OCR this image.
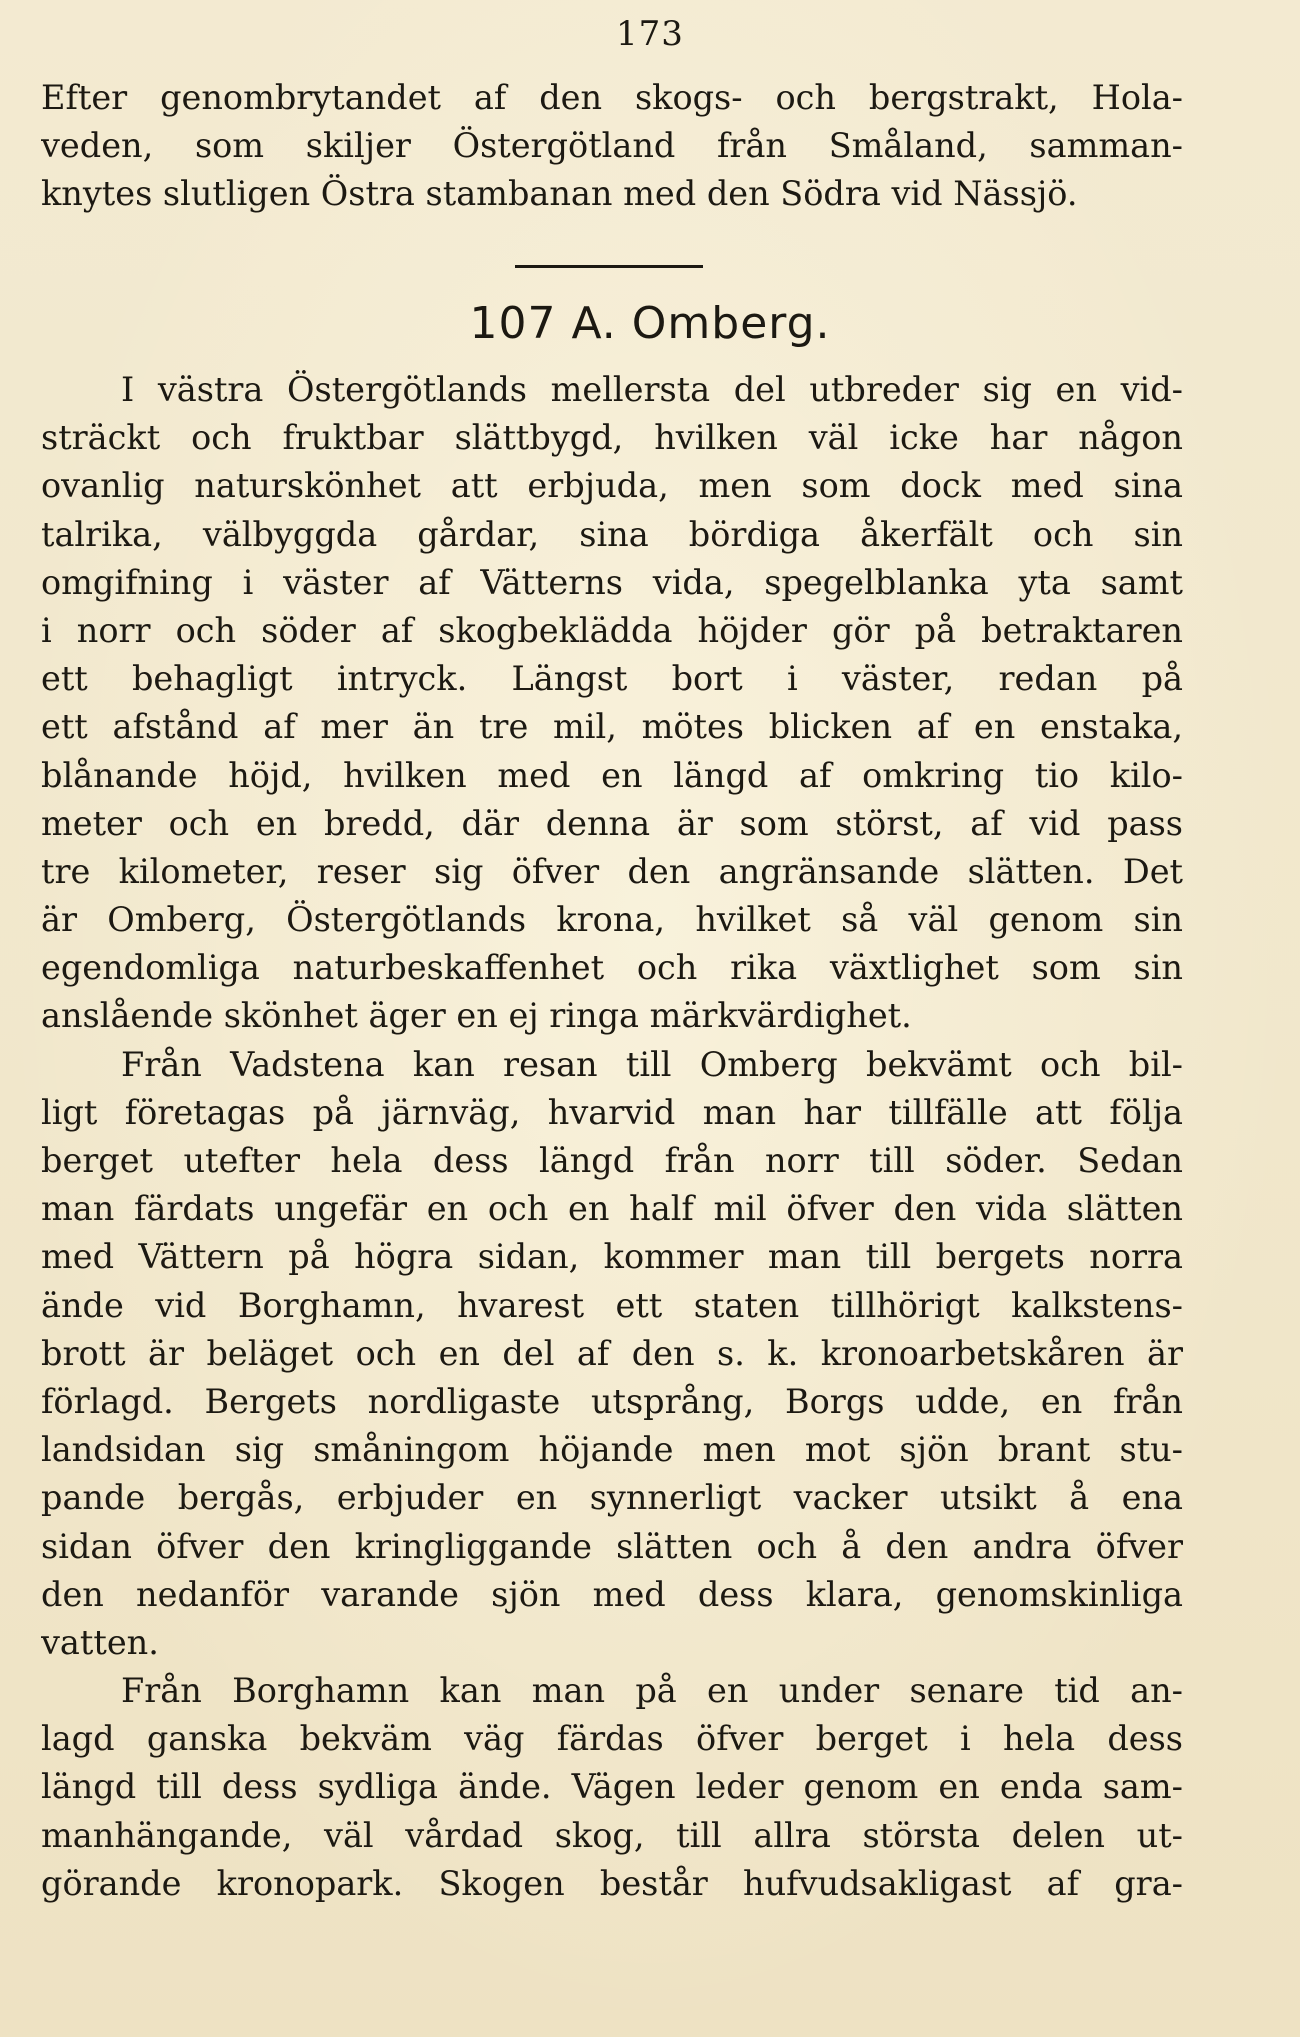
173
Efter genombrytandet af den skogs- och bergstrakt, Hola-
veden, som skiljer Östergötland från Småland, samman-
knytes slutligen Östra stambanan med den Södra vid Nässjö.
107 A. Omberg.
I västra Östergötlands mellersta del utbreder sig en vid-
sträckt och fruktbar slättbygd, hvilken väl icke har någon
ovanlig naturskönhet att erbjuda, men som dock med sina
talrika, välbyggda gårdar, sina bördiga åkerfält och sin
omgifning i väster af Vätterns vida, spegelblanka yta samt
i norr och söder af skogbeklädda höjder gör på betraktaren
ett behagligt intryck. Längst bort i väster, redan på
ett afstånd af mer än tre mil, mötes blicken af en enstaka,
blånande höjd, hvilken med en längd af omkring tio kilo-
meter och en bredd, där denna är som störst, af vid pass
tre kilometer, reser sig öfver den angränsande slätten. Det
är Omberg, Östergötlands krona, hvilket så väl genom sin
egendomliga naturbeskaffenhet och rika växtlighet som sin
anslående skönhet äger en ej ringa märkvärdighet.
Från Vadstena kan resan till Omberg bekvämt och bil-
ligt företagas på järnväg, hvarvid man har tillfälle att följa
berget utefter hela dess längd från norr till söder. Sedan
man färdats ungefär en och en half mil öfver den vida slätten
med Vättern på högra sidan, kommer man till bergets norra
ände vid Borghamn, hvarest ett staten tillhörigt kalkstens-
brott är beläget och en del af den s. k. kronoarbetskåren är
förlagd. Bergets nordligaste utsprång, Borgs udde, en från
landsidan sig småningom höjande men mot sjön brant stu-
pande bergås, erbjuder en synnerligt vacker utsikt å ena
sidan öfver den kringliggande slätten och å den andra öfver
den nedanför varande sjön med dess klara, genomskinliga
vatten.
Från Borghamn kan man på en under senare tid an-
lagd ganska bekväm väg färdas öfver berget i hela dess
längd till dess sydliga ände. Vägen leder genom en enda sam-
manhängande, väl vårdad skog, till allra största delen ut-
görande kronopark. Skogen består hufvudsakligast af gra-
